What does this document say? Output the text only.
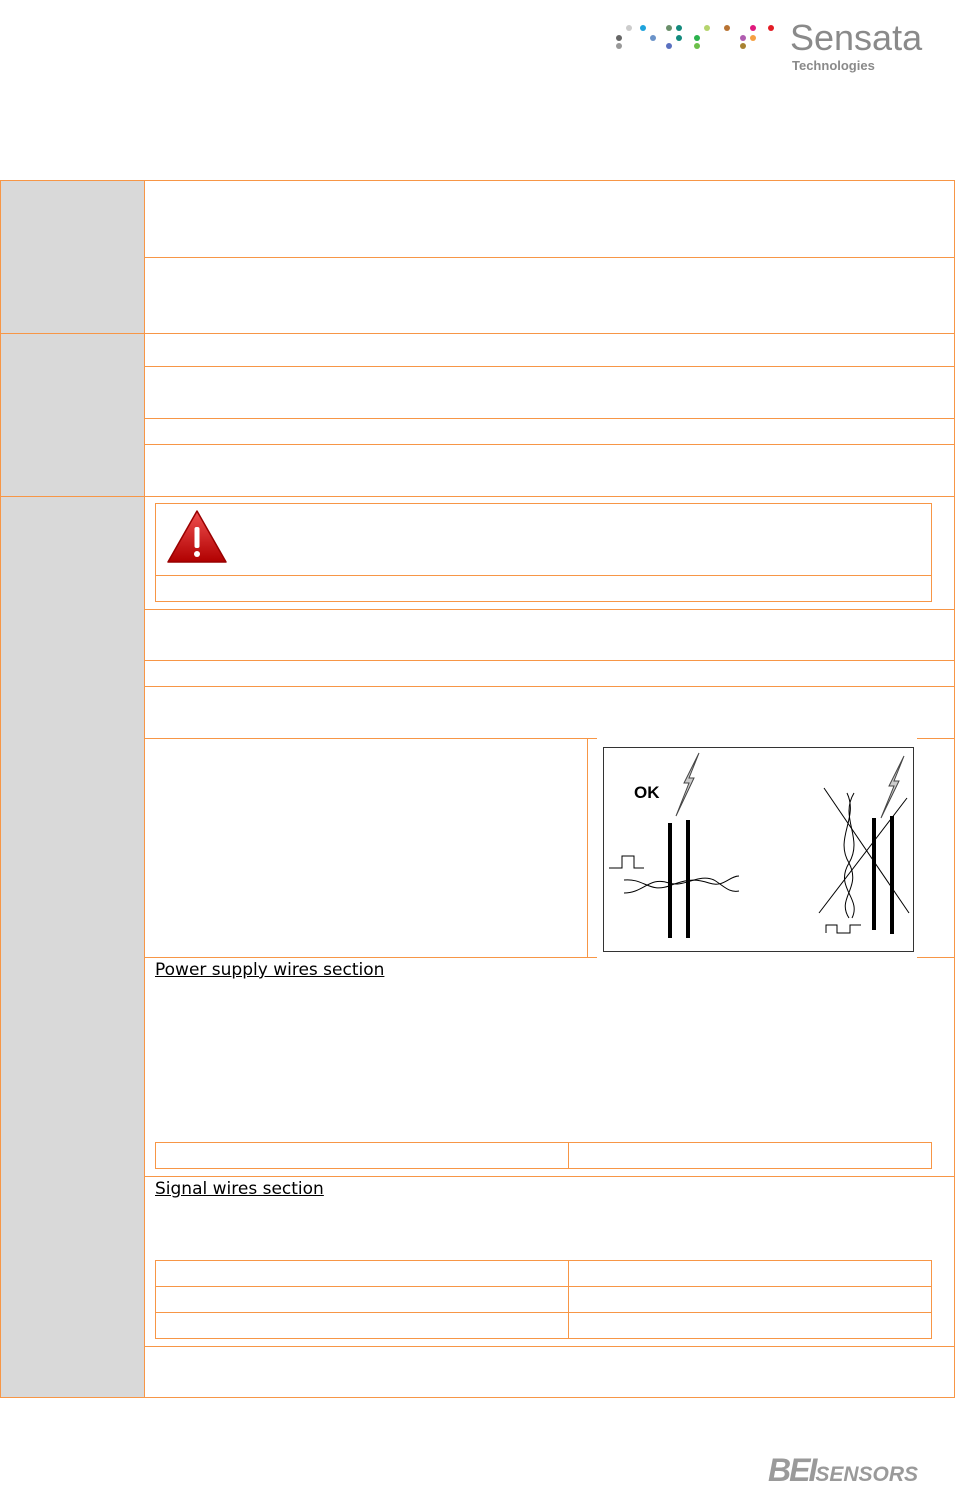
Sensata
Technologies
OK
Power supply wires section
Signal wires section
BEISENSORS
